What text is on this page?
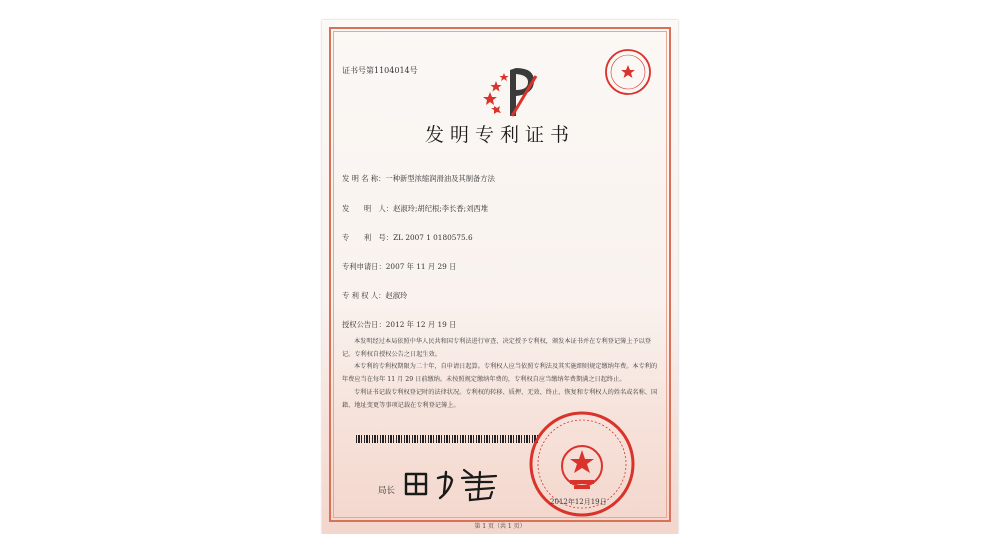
证书号第1104014号
发明专利证书
发 明 名 称：一种新型浓缩润滑油及其制备方法
发　　明　人：赵淑玲;胡纪根;李长香;刘西堆
专　　利　号：ZL 2007 1 0180575.6
专利申请日：2007 年 11 月 29 日
专 利 权 人：赵淑玲
授权公告日：2012 年 12 月 19 日
本发明经过本局依照中华人民共和国专利法进行审查，决定授予专利权，颁发本证书并在专利登记簿上予以登记。专利权自授权公告之日起生效。
本专利的专利权期限为二十年，自申请日起算。专利权人应当依照专利法及其实施细则规定缴纳年费。本专利的年费应当在每年 11 月 29 日前缴纳。未按照规定缴纳年费的，专利权自应当缴纳年费期满之日起终止。
专利证书记载专利权登记时的法律状况。专利权的转移、质押、无效、终止、恢复和专利权人的姓名或名称、国籍、地址变更等事项记载在专利登记簿上。
局长
2012年12月19日
第 1 页（共 1 页）
